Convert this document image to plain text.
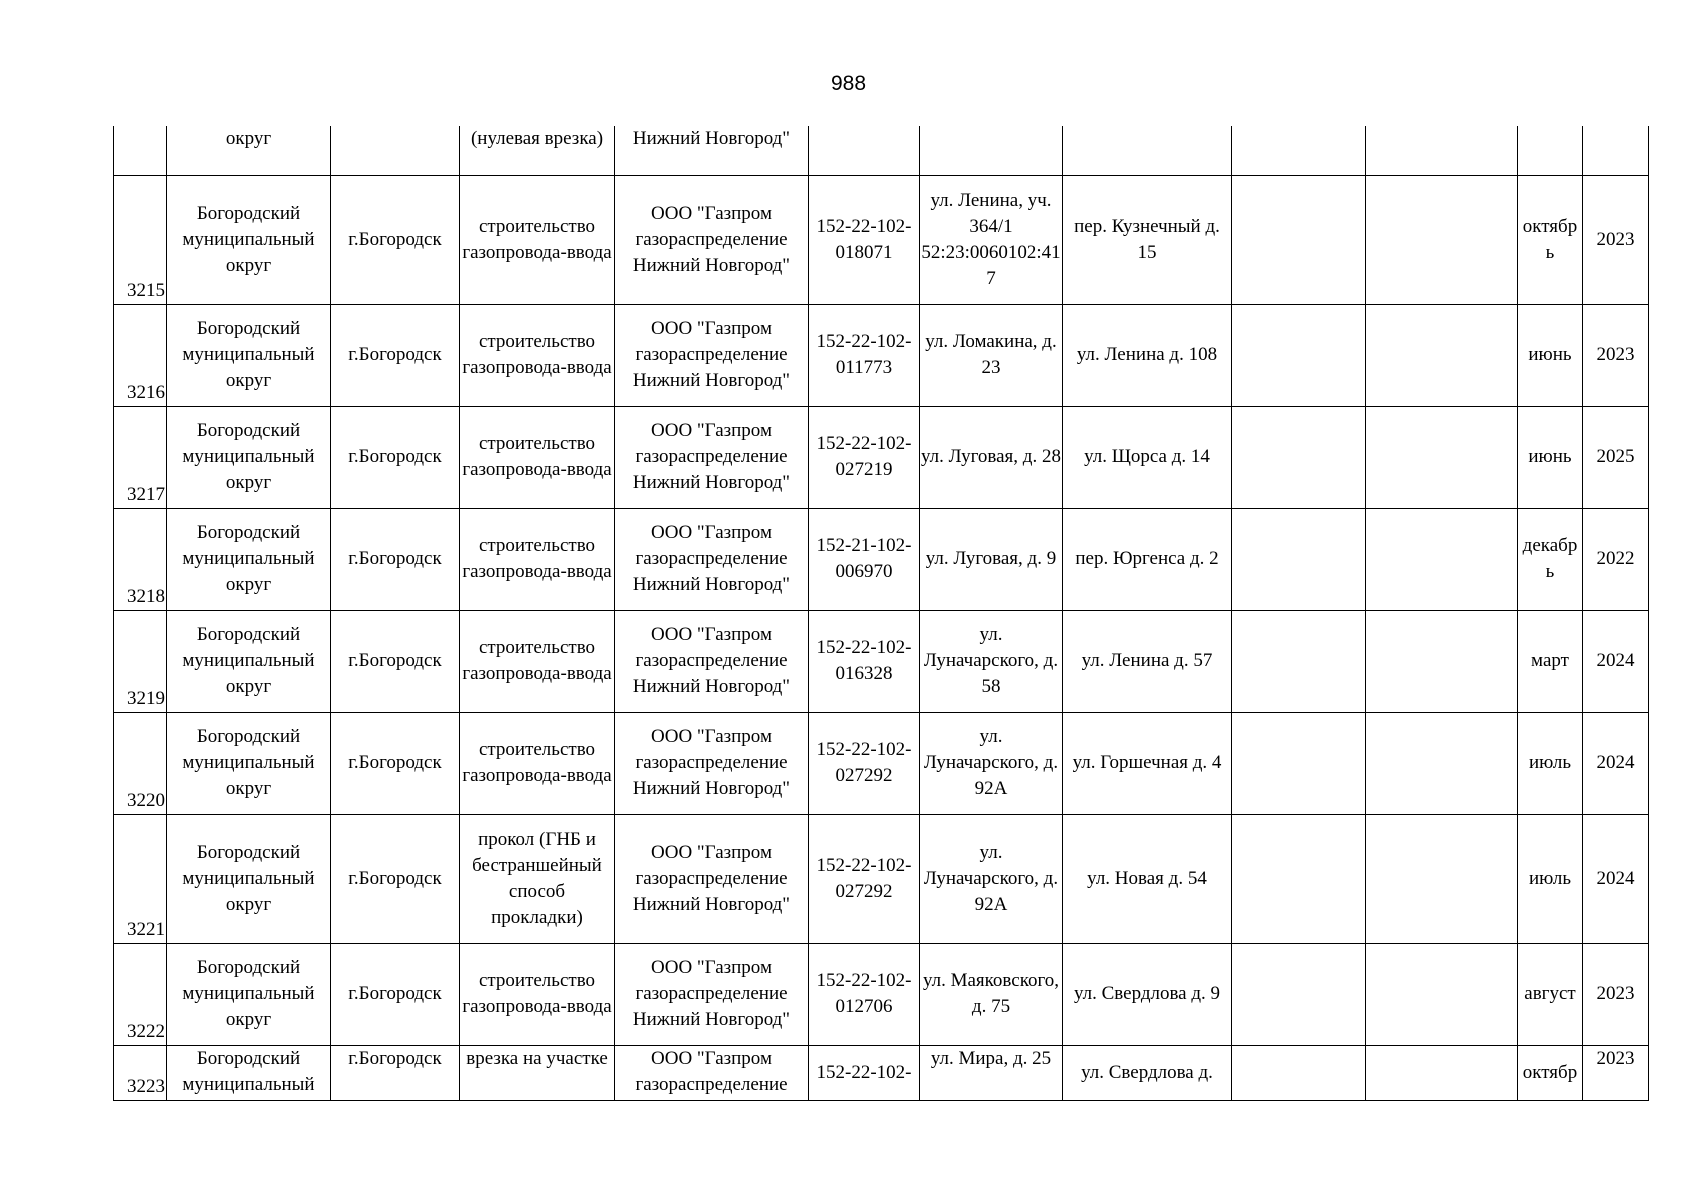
988
	округ		(нулевая врезка)	Нижний Новгород"							
3215	Богородский муниципальный округ	г.Богородск	строительство газопровода-ввода	ООО "Газпром газораспределение Нижний Новгород"	152-22-102-018071	ул. Ленина, уч. 364/1 52:23:0060102:417	пер. Кузнечный д. 15			октябрь	2023
3216	Богородский муниципальный округ	г.Богородск	строительство газопровода-ввода	ООО "Газпром газораспределение Нижний Новгород"	152-22-102-011773	ул. Ломакина, д. 23	ул. Ленина д. 108			июнь	2023
3217	Богородский муниципальный округ	г.Богородск	строительство газопровода-ввода	ООО "Газпром газораспределение Нижний Новгород"	152-22-102-027219	ул. Луговая, д. 28	ул. Щорса д. 14			июнь	2025
3218	Богородский муниципальный округ	г.Богородск	строительство газопровода-ввода	ООО "Газпром газораспределение Нижний Новгород"	152-21-102-006970	ул. Луговая, д. 9	пер. Юргенса д. 2			декабрь	2022
3219	Богородский муниципальный округ	г.Богородск	строительство газопровода-ввода	ООО "Газпром газораспределение Нижний Новгород"	152-22-102-016328	ул. Луначарского, д. 58	ул. Ленина д. 57			март	2024
3220	Богородский муниципальный округ	г.Богородск	строительство газопровода-ввода	ООО "Газпром газораспределение Нижний Новгород"	152-22-102-027292	ул. Луначарского, д. 92А	ул. Горшечная д. 4			июль	2024
3221	Богородский муниципальный округ	г.Богородск	прокол (ГНБ и бестраншейный способ прокладки)	ООО "Газпром газораспределение Нижний Новгород"	152-22-102-027292	ул. Луначарского, д. 92А	ул. Новая д. 54			июль	2024
3222	Богородский муниципальный округ	г.Богородск	строительство газопровода-ввода	ООО "Газпром газораспределение Нижний Новгород"	152-22-102-012706	ул. Маяковского, д. 75	ул. Свердлова д. 9			август	2023
3223	Богородский муниципальный	г.Богородск	врезка на участке	ООО "Газпром газораспределение	152-22-102-	ул. Мира, д. 25	ул. Свердлова д.			октябр	2023
